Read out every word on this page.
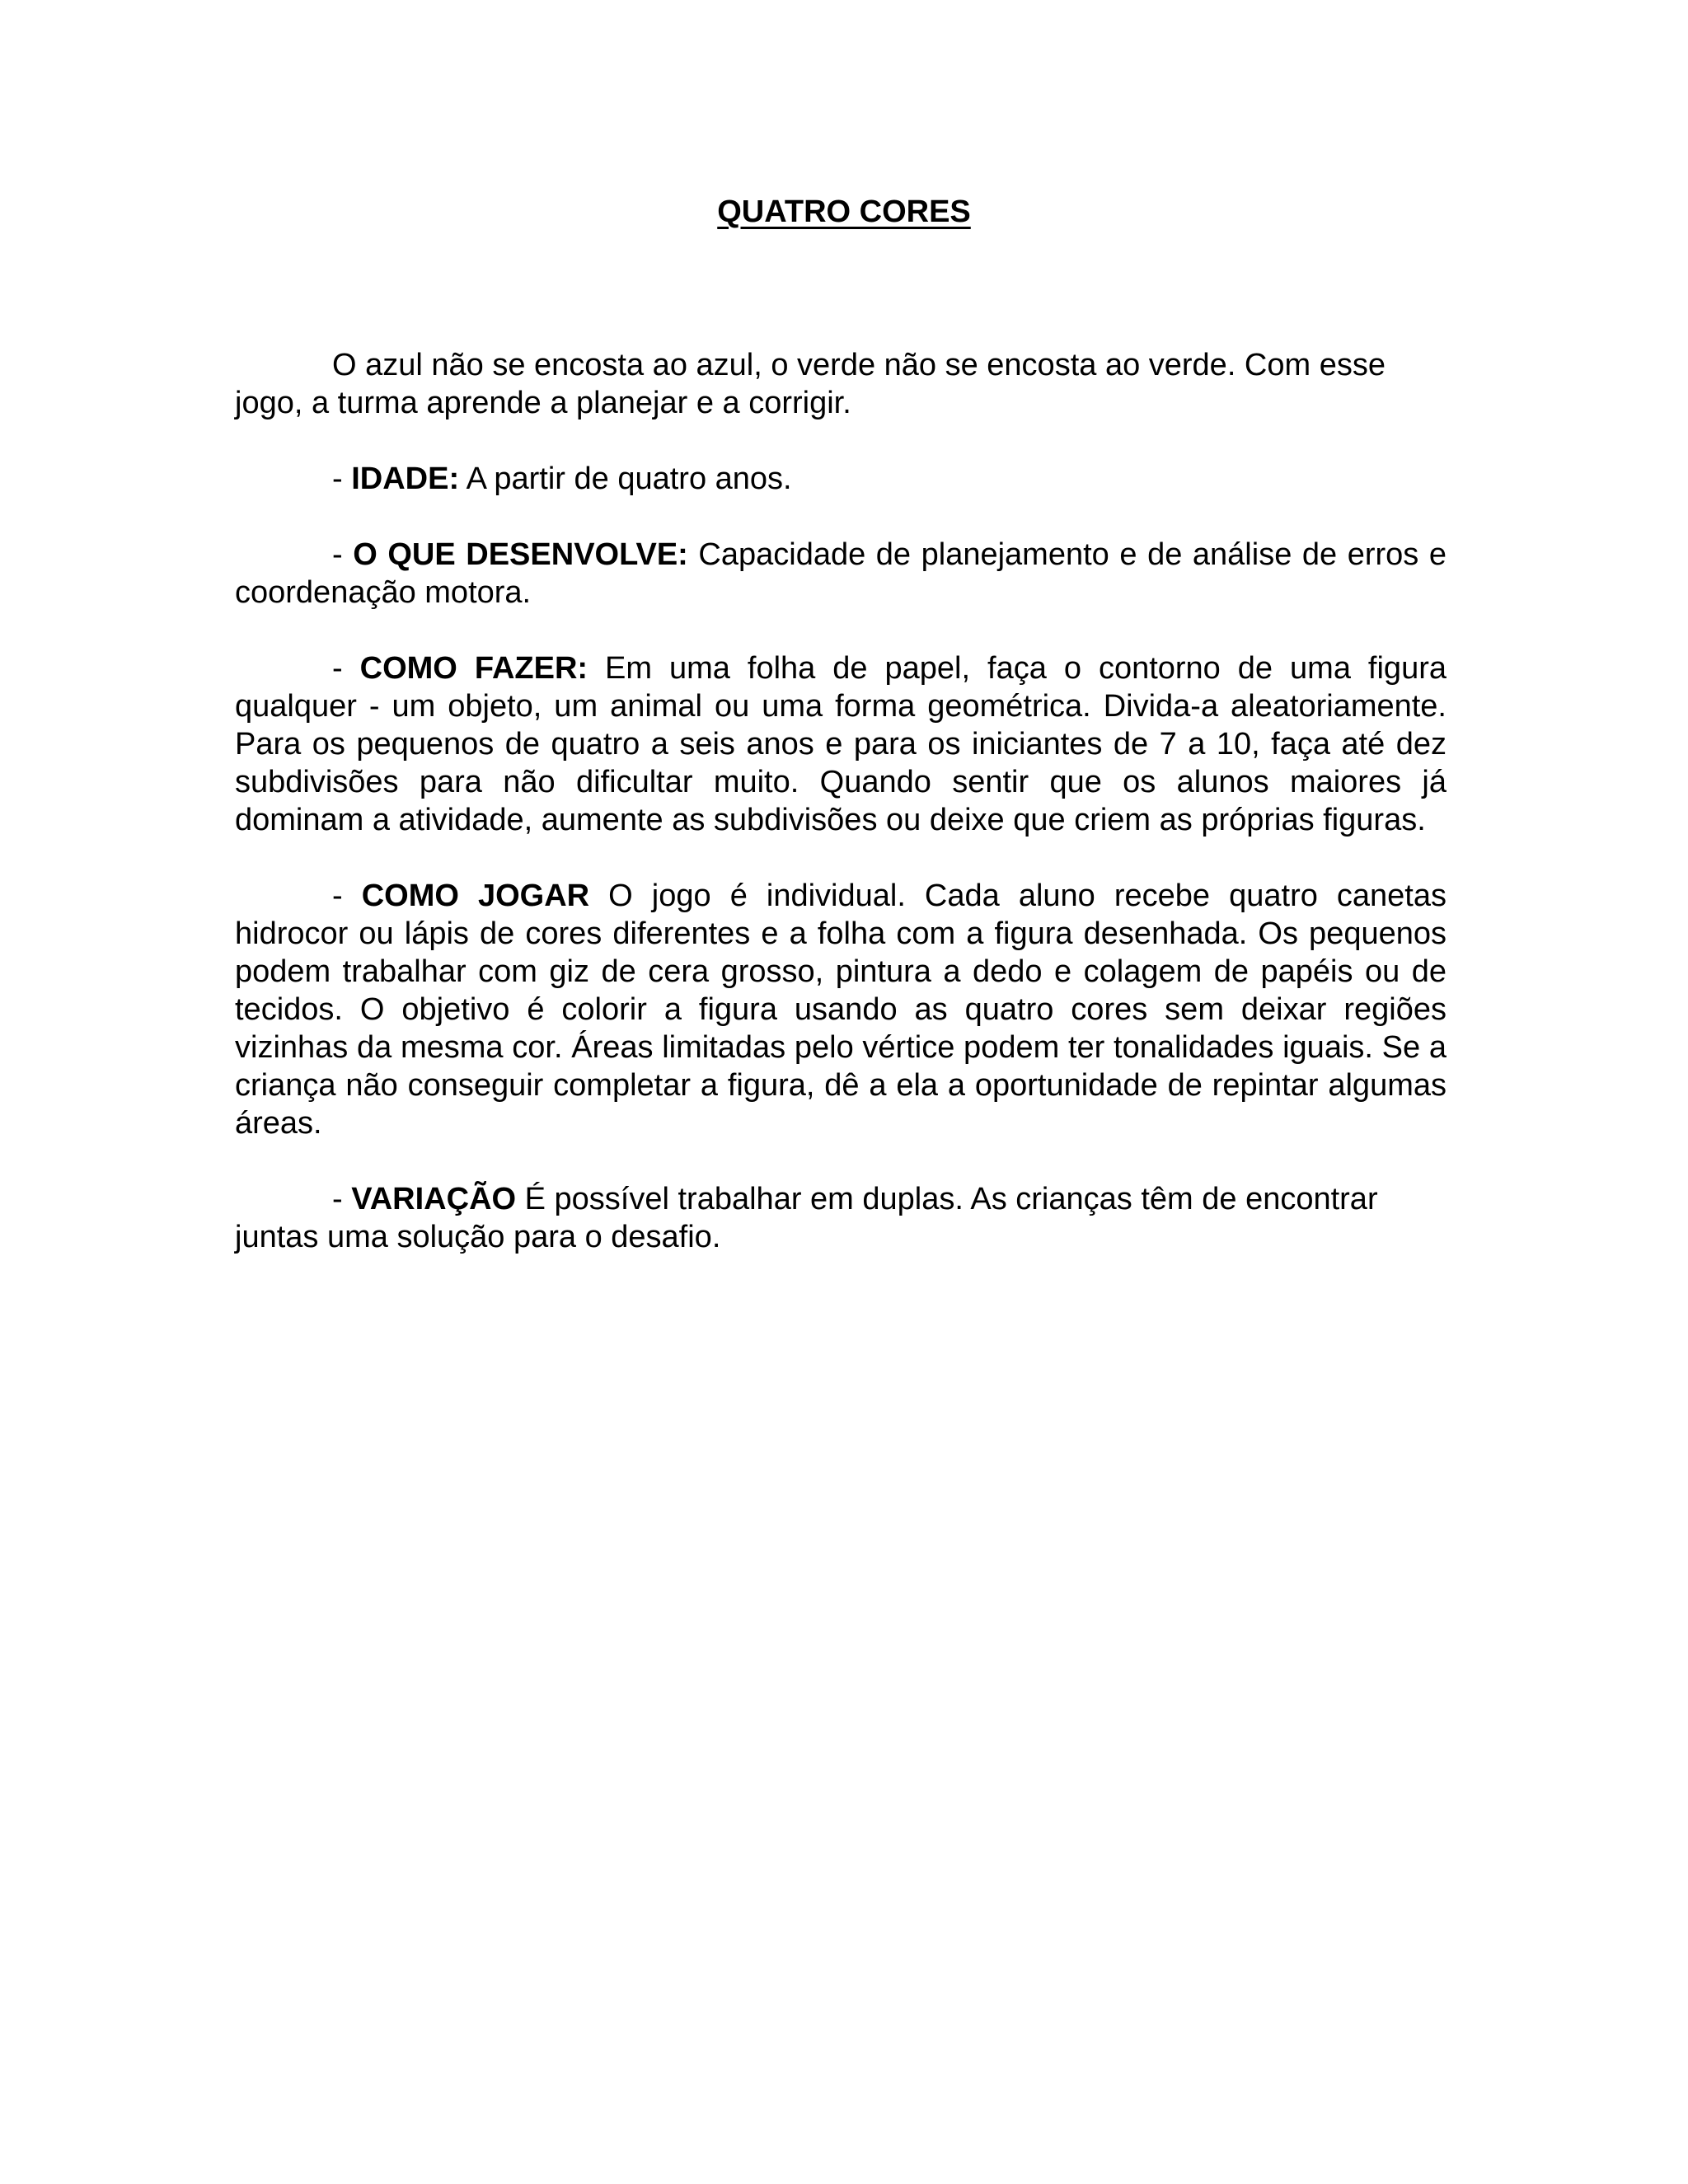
QUATRO CORES

O azul não se encosta ao azul, o verde não se encosta ao verde. Com esse jogo, a turma aprende a planejar e a corrigir.

- IDADE: A partir de quatro anos.

- O QUE DESENVOLVE: Capacidade de planejamento e de análise de erros e coordenação motora.

- COMO FAZER: Em uma folha de papel, faça o contorno de uma figura qualquer - um objeto, um animal ou uma forma geométrica. Divida-a aleatoriamente. Para os pequenos de quatro a seis anos e para os iniciantes de 7 a 10, faça até dez subdivisões para não dificultar muito. Quando sentir que os alunos maiores já dominam a atividade, aumente as subdivisões ou deixe que criem as próprias figuras.

- COMO JOGAR O jogo é individual. Cada aluno recebe quatro canetas hidrocor ou lápis de cores diferentes e a folha com a figura desenhada. Os pequenos podem trabalhar com giz de cera grosso, pintura a dedo e colagem de papéis ou de tecidos. O objetivo é colorir a figura usando as quatro cores sem deixar regiões vizinhas da mesma cor. Áreas limitadas pelo vértice podem ter tonalidades iguais. Se a criança não conseguir completar a figura, dê a ela a oportunidade de repintar algumas áreas.

- VARIAÇÃO É possível trabalhar em duplas. As crianças têm de encontrar juntas uma solução para o desafio.
